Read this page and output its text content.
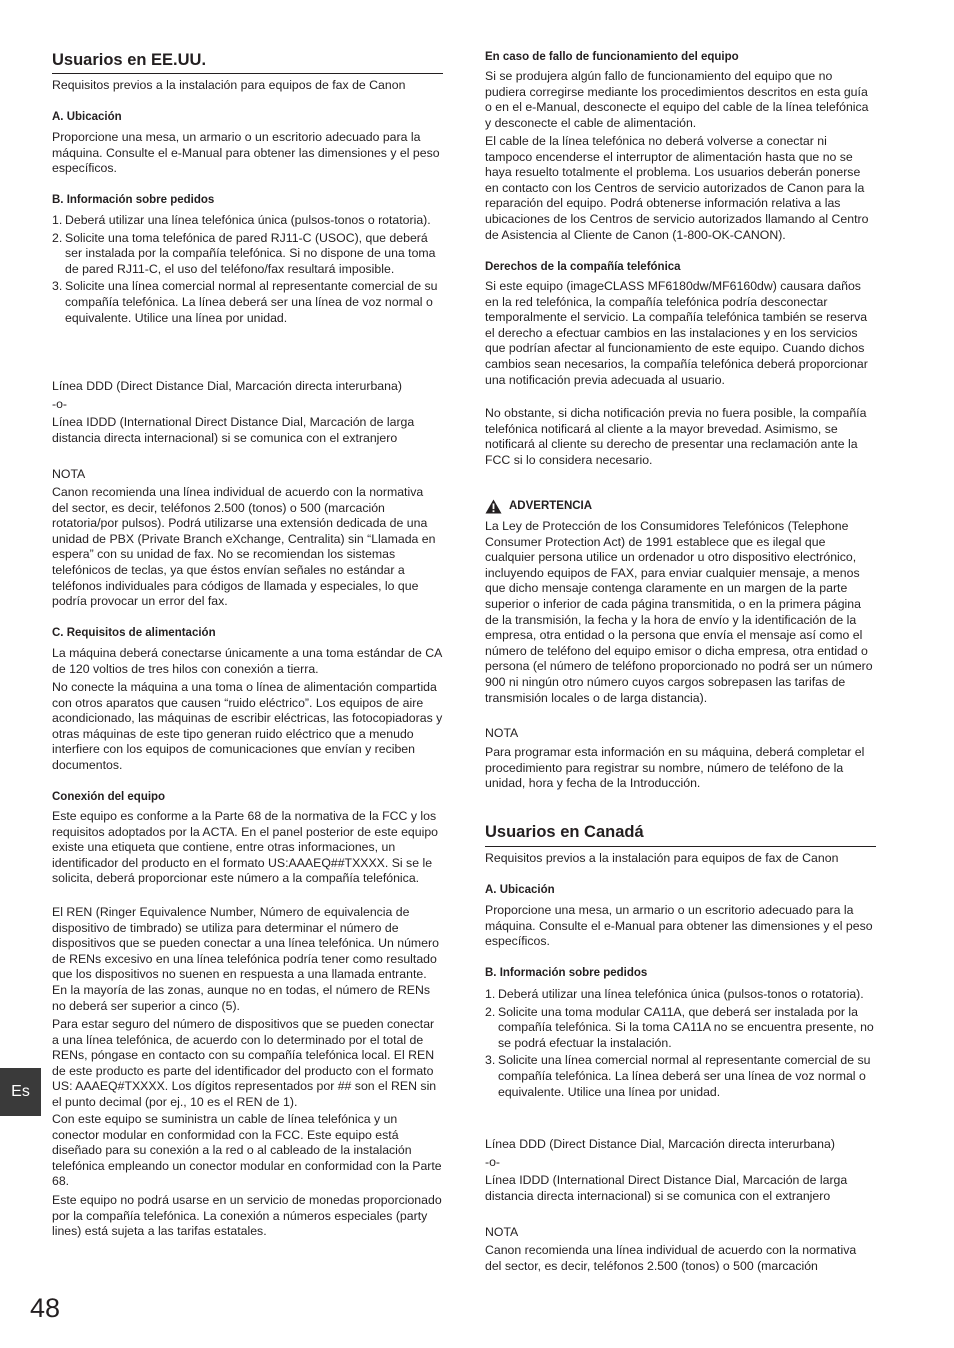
Usuarios en EE.UU.

Requisitos previos a la instalación para equipos de fax de Canon

A. Ubicación

Proporcione una mesa, un armario o un escritorio adecuado para la máquina. Consulte el e-Manual para obtener las dimensiones y el peso específicos.

B. Información sobre pedidos

1. Deberá utilizar una línea telefónica única (pulsos-tonos o rotatoria).
2. Solicite una toma telefónica de pared RJ11-C (USOC), que deberá ser instalada por la compañía telefónica. Si no dispone de una toma de pared RJ11-C, el uso del teléfono/fax resultará imposible.
3. Solicite una línea comercial normal al representante comercial de su compañía telefónica. La línea deberá ser una línea de voz normal o equivalente. Utilice una línea por unidad.

Línea DDD (Direct Distance Dial, Marcación directa interurbana)

-o-

Línea IDDD (International Direct Distance Dial, Marcación de larga distancia directa internacional) si se comunica con el extranjero

NOTA

Canon recomienda una línea individual de acuerdo con la normativa del sector, es decir, teléfonos 2.500 (tonos) o 500 (marcación rotatoria/por pulsos). Podrá utilizarse una extensión dedicada de una unidad de PBX (Private Branch eXchange, Centralita) sin “Llamada en espera” con su unidad de fax. No se recomiendan los sistemas telefónicos de teclas, ya que éstos envían señales no estándar a teléfonos individuales para códigos de llamada y especiales, lo que podría provocar un error del fax.

C. Requisitos de alimentación

La máquina deberá conectarse únicamente a una toma estándar de CA de 120 voltios de tres hilos con conexión a tierra.

No conecte la máquina a una toma o línea de alimentación compartida con otros aparatos que causen “ruido eléctrico”. Los equipos de aire acondicionado, las máquinas de escribir eléctricas, las fotocopiadoras y otras máquinas de este tipo generan ruido eléctrico que a menudo interfiere con los equipos de comunicaciones que envían y reciben documentos.

Conexión del equipo

Este equipo es conforme a la Parte 68 de la normativa de la FCC y los requisitos adoptados por la ACTA. En el panel posterior de este equipo existe una etiqueta que contiene, entre otras informaciones, un identificador del producto en el formato US:AAAEQ##TXXXX. Si se le solicita, deberá proporcionar este número a la compañía telefónica.

El REN (Ringer Equivalence Number, Número de equivalencia de dispositivo de timbrado) se utiliza para determinar el número de dispositivos que se pueden conectar a una línea telefónica. Un número de RENs excesivo en una línea telefónica podría tener como resultado que los dispositivos no suenen en respuesta a una llamada entrante. En la mayoría de las zonas, aunque no en todas, el número de RENs no deberá ser superior a cinco (5).

Para estar seguro del número de dispositivos que se pueden conectar a una línea telefónica, de acuerdo con lo determinado por el total de RENs, póngase en contacto con su compañía telefónica local. El REN de este producto es parte del identificador del producto con el formato US: AAAEQ#TXXXX. Los dígitos representados por ## son el REN sin el punto decimal (por ej., 10 es el REN de 1).

Con este equipo se suministra un cable de línea telefónica y un conector modular en conformidad con la FCC. Este equipo está diseñado para su conexión a la red o al cableado de la instalación telefónica empleando un conector modular en conformidad con la Parte 68.

Este equipo no podrá usarse en un servicio de monedas proporcionado por la compañía telefónica. La conexión a números especiales (party lines) está sujeta a las tarifas estatales.

En caso de fallo de funcionamiento del equipo

Si se produjera algún fallo de funcionamiento del equipo que no pudiera corregirse mediante los procedimientos descritos en esta guía o en el e-Manual, desconecte el equipo del cable de la línea telefónica y desconecte el cable de alimentación.

El cable de la línea telefónica no deberá volverse a conectar ni tampoco encenderse el interruptor de alimentación hasta que no se haya resuelto totalmente el problema. Los usuarios deberán ponerse en contacto con los Centros de servicio autorizados de Canon para la reparación del equipo. Podrá obtenerse información relativa a las ubicaciones de los Centros de servicio autorizados llamando al Centro de Asistencia al Cliente de Canon (1-800-OK-CANON).

Derechos de la compañía telefónica

Si este equipo (imageCLASS MF6180dw/MF6160dw) causara daños en la red telefónica, la compañía telefónica podría desconectar temporalmente el servicio. La compañía telefónica también se reserva el derecho a efectuar cambios en las instalaciones y en los servicios que podrían afectar al funcionamiento de este equipo. Cuando dichos cambios sean necesarios, la compañía telefónica deberá proporcionar una notificación previa adecuada al usuario.

No obstante, si dicha notificación previa no fuera posible, la compañía telefónica notificará al cliente a la mayor brevedad. Asimismo, se notificará al cliente su derecho de presentar una reclamación ante la FCC si lo considera necesario.

ADVERTENCIA

La Ley de Protección de los Consumidores Telefónicos (Telephone Consumer Protection Act) de 1991 establece que es ilegal que cualquier persona utilice un ordenador u otro dispositivo electrónico, incluyendo equipos de FAX, para enviar cualquier mensaje, a menos que dicho mensaje contenga claramente en un margen de la parte superior o inferior de cada página transmitida, o en la primera página de la transmisión, la fecha y la hora de envío y la identificación de la empresa, otra entidad o la persona que envía el mensaje así como el número de teléfono del equipo emisor o dicha empresa, otra entidad o persona (el número de teléfono proporcionado no podrá ser un número 900 ni ningún otro número cuyos cargos sobrepasen las tarifas de transmisión locales o de larga distancia).

NOTA

Para programar esta información en su máquina, deberá completar el procedimiento para registrar su nombre, número de teléfono de la unidad, hora y fecha de la Introducción.

Usuarios en Canadá

Requisitos previos a la instalación para equipos de fax de Canon

A. Ubicación

Proporcione una mesa, un armario o un escritorio adecuado para la máquina. Consulte el e-Manual para obtener las dimensiones y el peso específicos.

B. Información sobre pedidos

1. Deberá utilizar una línea telefónica única (pulsos-tonos o rotatoria).
2. Solicite una toma modular CA11A, que deberá ser instalada por la compañía telefónica. Si la toma CA11A no se encuentra presente, no se podrá efectuar la instalación.
3. Solicite una línea comercial normal al representante comercial de su compañía telefónica. La línea deberá ser una línea de voz normal o equivalente. Utilice una línea por unidad.

Línea DDD (Direct Distance Dial, Marcación directa interurbana)

-o-

Línea IDDD (International Direct Distance Dial, Marcación de larga distancia directa internacional) si se comunica con el extranjero

NOTA

Canon recomienda una línea individual de acuerdo con la normativa del sector, es decir, teléfonos 2.500 (tonos) o 500 (marcación

Es
48
